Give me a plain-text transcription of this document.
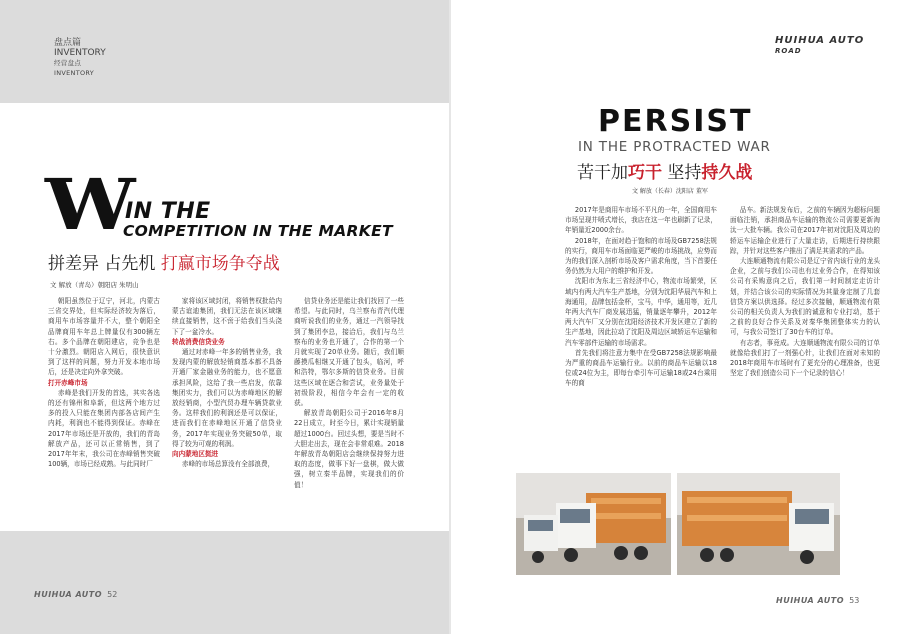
盘点篇
INVENTORY
经营盘点
INVENTORY
W
IN THE
COMPETITION IN THE MARKET
拼差异 占先机 打赢市场争夺战
文 解放（青岛）朝阳店 朱明山

朝阳虽然位于辽宁，河北，内蒙古三省交界处，但实际经济较为落后，商用车市场容量并不大，整个朝阳全品牌商用车年总上牌量仅有300辆左右。多个品牌在朝阳建店，竞争也是十分激烈。朝阳店入网后，很快意识到了这样的问题，努力开发本地市场后，还是决定向外拿突破。

打开赤峰市场

赤峰是我们开发的首选，其实各选的还有锦州和阜新，但这两个地方过多的投入只能在集团内部各店间产生内耗，利润也不能得到保证。赤峰在2017年市场还是开放的，我们的青岛解放产品，还可以正常销售，到了2017年年末，我公司在赤峰销售突破100辆，市场已经成熟。与此同时厂

家将该区域封闭，将销售权批给内蒙古谊迪集团，我们无法在该区域继续直接销售，这不啻于给我们当头浇下了一盆冷水。

转战消费信贷业务

通过对赤峰一年多的销售业务，我发现内蒙的解放轻销商基本都不具备开通厂家金融业务的能力，也不愿意承担风险，这给了我一些启发，依靠集团实力，我们可以为赤峰地区的解放经销商，小型汽贸办理车辆贷款业务。这样我们的利润还是可以保证，进而我们在赤峰地区开通了信贷业务，2017年实现业务突破50单，取得了较为可观的利润。

向内蒙地区挺进

赤峰的市场总算没有全部浪费，

信贷业务还是能让我们找回了一些希望。与此同时，乌兰察布青汽代理商听说我们的业务，通过一汽领导找到了集团李总，接洽后，我们与乌兰察布的业务也开通了，合作的第一个月就实现了20单业务。随后，我们顺藤摸瓜相继又开通了包头，临河，呼和浩特，鄂尔多斯的信贷业务。目前这些区域在逐合和尝试，业务量处于初级阶段，相信今年会有一定的收获。

解放青岛朝阳公司于2016年8月22日成立，时至今日，累计实现销量超过1000台。回过头想，要是当时不大胆走出去，现在会非常艰难。2018年解放青岛朝阳店会继续保持努力进取的态度，做事下好一盘棋，做大做强，树立秦半品牌，实现我们的价值！

HUIHUA AUTO 52
HUIHUA AUTO
ROAD
PERSIST
IN THE PROTRACTED WAR
苦干加巧干 坚持持久战
文 解放（长春）沈阳店 董军

2017年是商用车市场不平凡的一年，全国商用车市场呈现井喷式增长，我店在这一年也刷新了记录，年销量近2000余台。

2018年，在面对趋于饱和的市场及GB7258法规的实行，商用车市场面临更严峻的市场挑战，应势而为的我们深入剖析市场及客户需求角度，当下首要任务仍然为大用户的维护和开发。

沈阳市为东北三省经济中心，物流市场繁荣，区域内有两大汽车生产基地，分别为沈阳华晨汽车和上海通用，品牌包括金杯，宝马，中华，通用等，近几年两大汽车厂商发展迅猛，销量逐年攀升，2012年两大汽车厂又分别在沈阳经济技术开发区建立了新的生产基地，因此拉动了沈阳及周边区域轿运车运输和汽车零部件运输的市场需求。

首先我们将注意力集中在受GB7258法规影响最为严重的商品车运输行业。以前的商品车运输以18位或24位为主，即每台牵引车可运输18或24台乘用车的商

品车。新法规发布后，之前的车辆因为超标问题面临注销，承担商品车运输的物流公司需要更新淘汰一大批车辆。我公司在2017年初对沈阳及周边的轿运车运输企业进行了大量走访，后期进行持续跟踪，并针对这些客户推出了满足其需求的产品。

大连顺通物流有限公司是辽宁省内该行业的龙头企业，之前与我们公司也有过业务合作，在得知该公司有采购意向之后，我们第一时间制定走访计划，并结合该公司的实际情况为其量身定制了几套信贷方案以供选择。经过多次接触，顺通物流有限公司的相关负责人为我们的诚意和专业打动，基于之前的良好合作关系及对秦华集团整体实力的认可，与我公司签订了30台车的订单。

有志者，事竟成。大连顺通物流有限公司的订单就像给我们打了一剂强心针，让我们在面对未知的2018年商用车市场时有了更充分的心理准备，也更坚定了我们创造公司下一个记录的信心！

HUIHUA AUTO 53
